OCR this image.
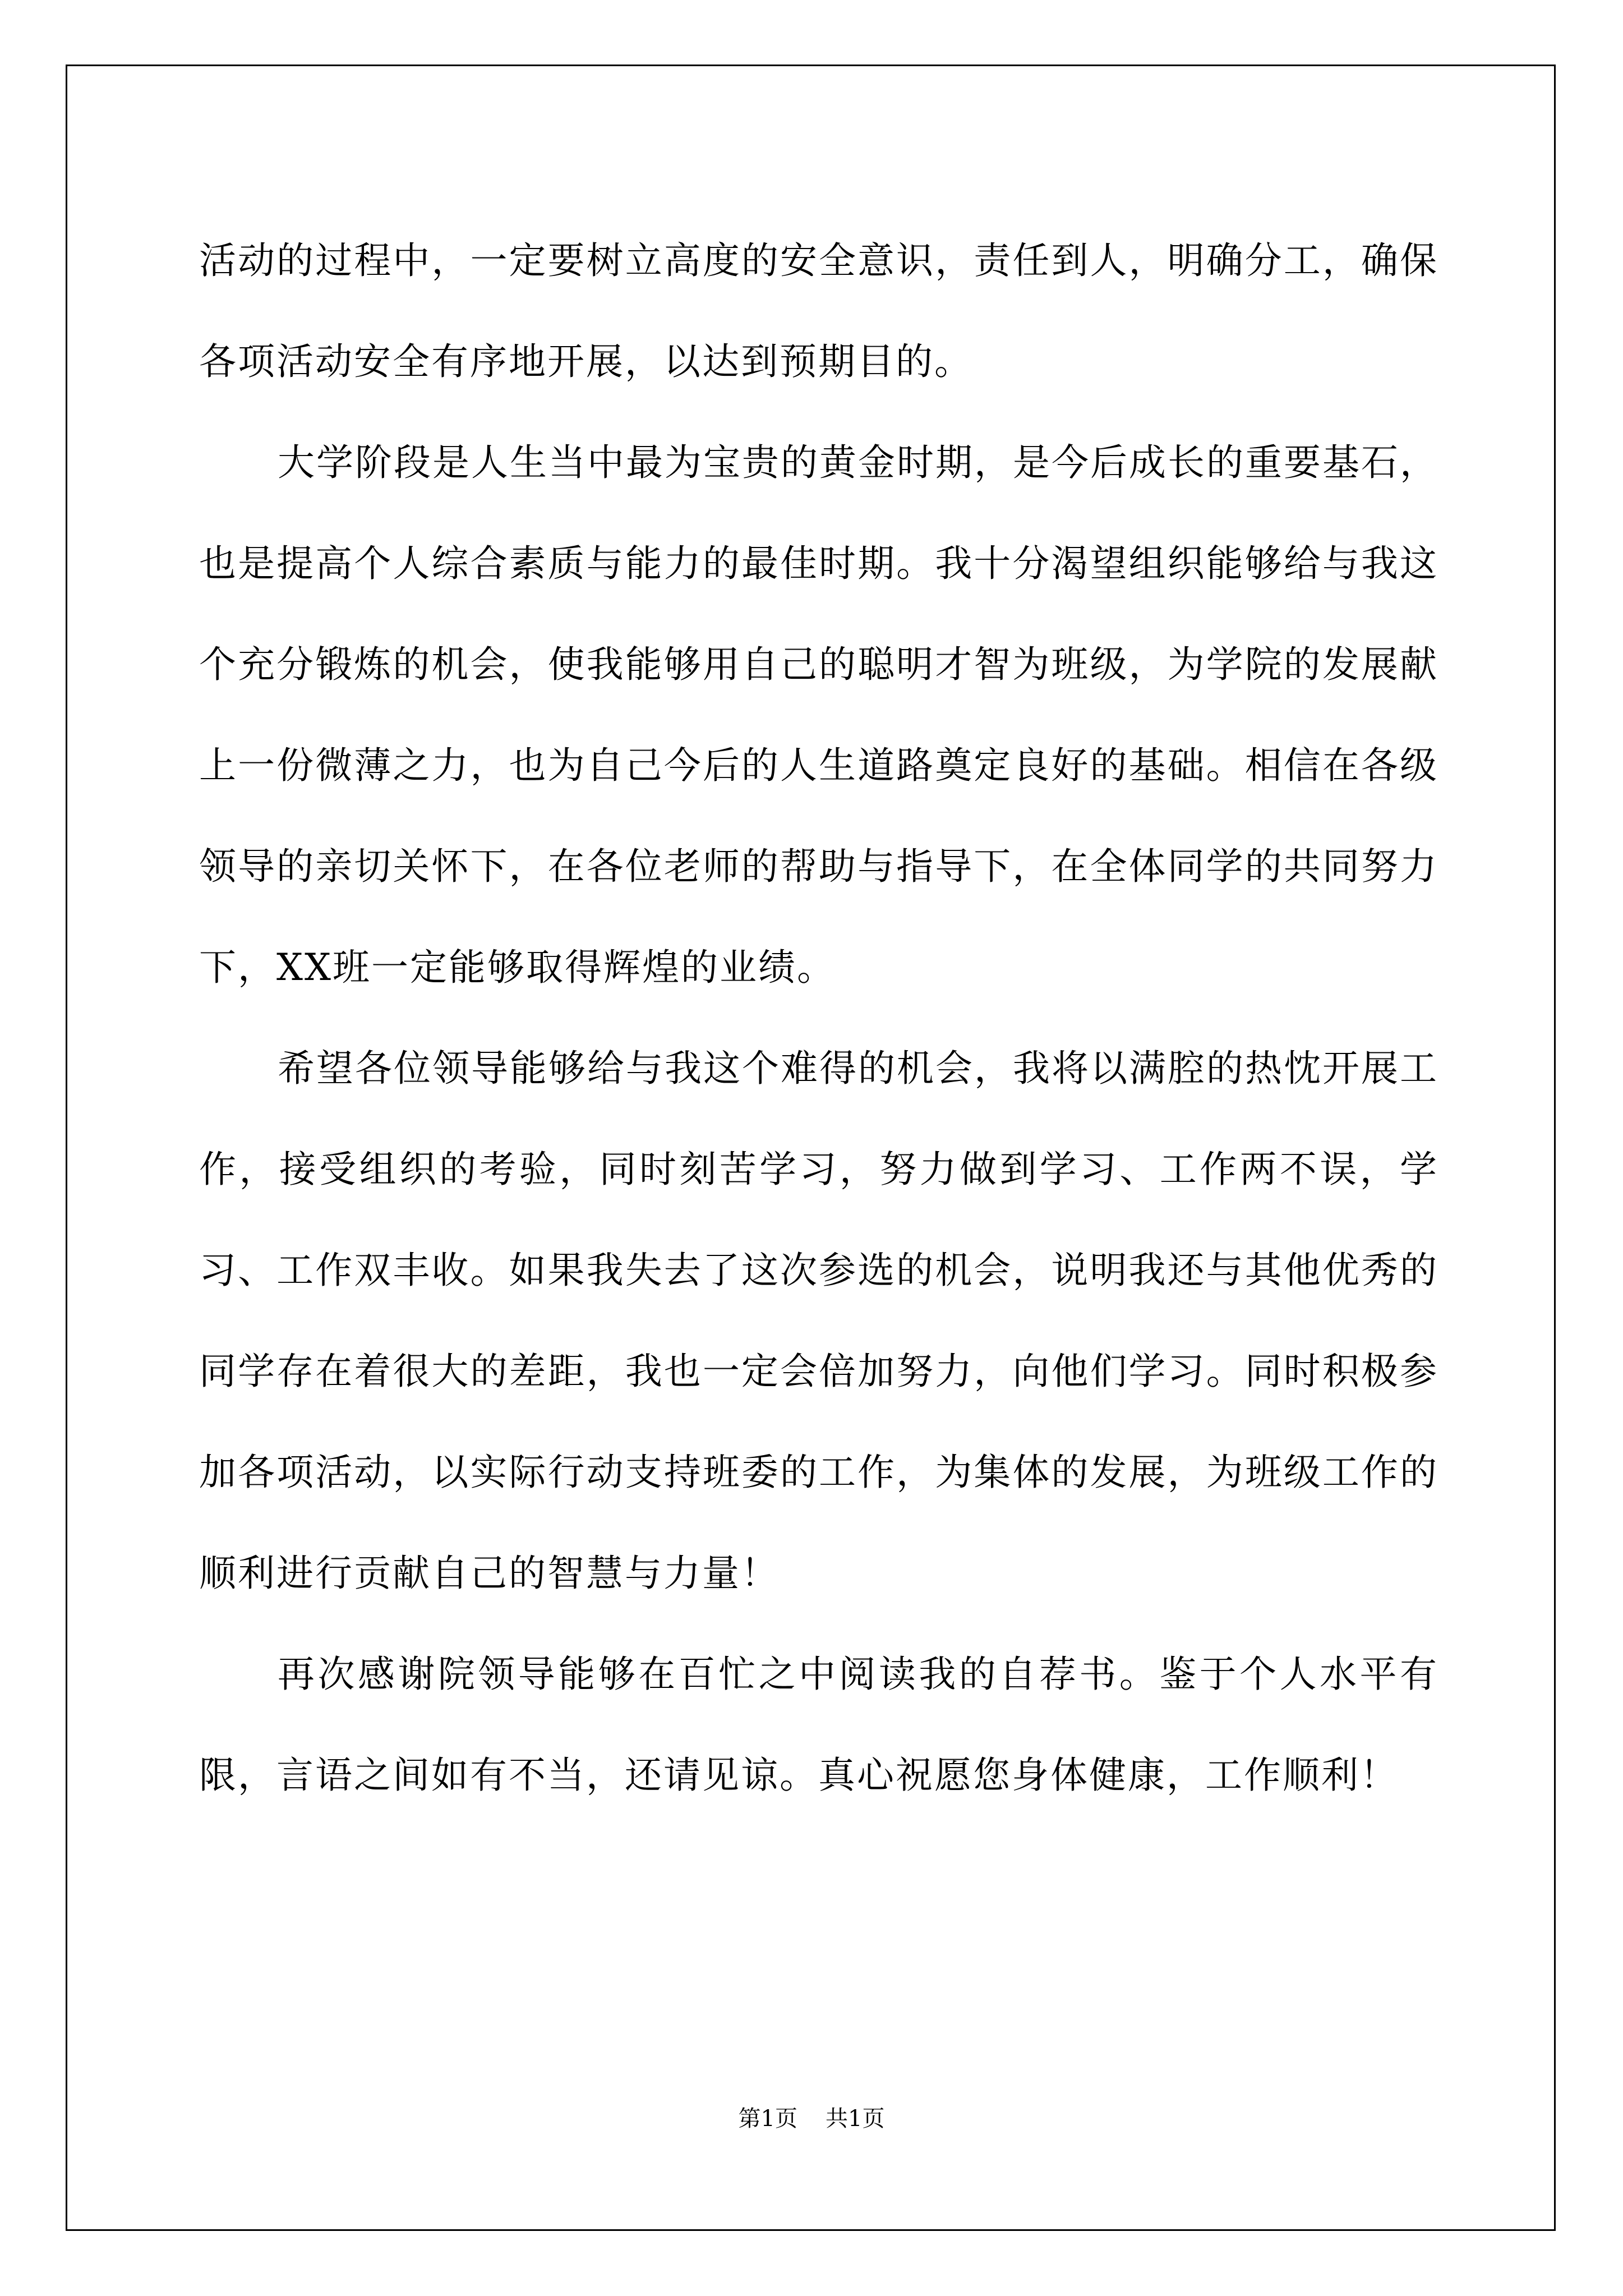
活动的过程中，一定要树立高度的安全意识，责任到人，明确分工，确保各项活动安全有序地开展，以达到预期目的。

大学阶段是人生当中最为宝贵的黄金时期，是今后成长的重要基石，也是提高个人综合素质与能力的最佳时期。我十分渴望组织能够给与我这个充分锻炼的机会，使我能够用自己的聪明才智为班级，为学院的发展献上一份微薄之力，也为自己今后的人生道路奠定良好的基础。相信在各级领导的亲切关怀下，在各位老师的帮助与指导下，在全体同学的共同努力下，XX班一定能够取得辉煌的业绩。

希望各位领导能够给与我这个难得的机会，我将以满腔的热忱开展工作，接受组织的考验，同时刻苦学习，努力做到学习、工作两不误，学习、工作双丰收。如果我失去了这次参选的机会，说明我还与其他优秀的同学存在着很大的差距，我也一定会倍加努力，向他们学习。同时积极参加各项活动，以实际行动支持班委的工作，为集体的发展，为班级工作的顺利进行贡献自己的智慧与力量！

再次感谢院领导能够在百忙之中阅读我的自荐书。鉴于个人水平有限，言语之间如有不当，还请见谅。真心祝愿您身体健康，工作顺利！

第1页 共1页
